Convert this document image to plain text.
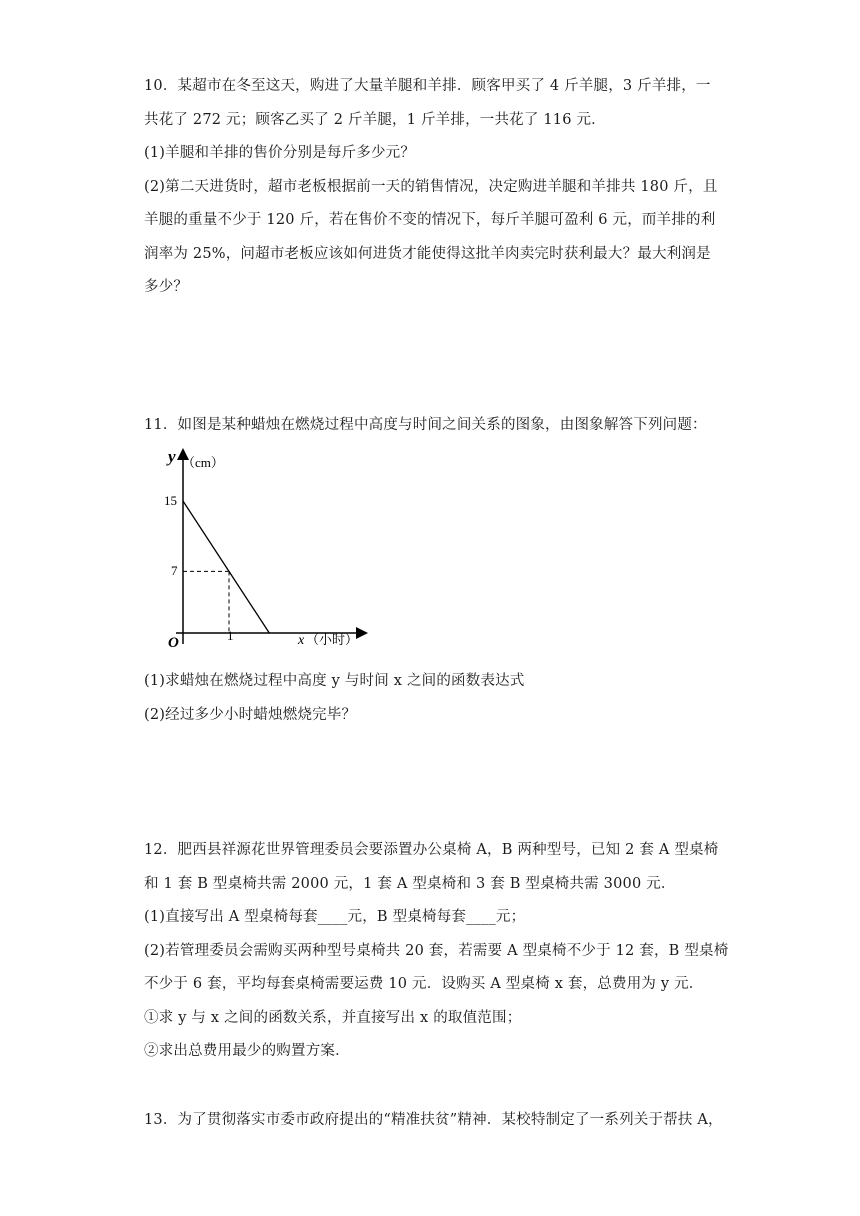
10．某超市在冬至这天，购进了大量羊腿和羊排．顾客甲买了 4 斤羊腿，3 斤羊排，一
共花了 272 元；顾客乙买了 2 斤羊腿，1 斤羊排，一共花了 116 元．
(1)羊腿和羊排的售价分别是每斤多少元？
(2)第二天进货时，超市老板根据前一天的销售情况，决定购进羊腿和羊排共 180 斤，且
羊腿的重量不少于 120 斤，若在售价不变的情况下，每斤羊腿可盈利 6 元，而羊排的利
润率为 25%，问超市老板应该如何进货才能使得这批羊肉卖完时获利最大？最大利润是
多少？
11．如图是某种蜡烛在燃烧过程中高度与时间之间关系的图象，由图象解答下列问题：
y （cm）
x （小时）
O
15
7
1
(1)求蜡烛在燃烧过程中高度 y 与时间 x 之间的函数表达式
(2)经过多少小时蜡烛燃烧完毕？
12．肥西县祥源花世界管理委员会要添置办公桌椅 A，B 两种型号，已知 2 套 A 型桌椅
和 1 套 B 型桌椅共需 2000 元，1 套 A 型桌椅和 3 套 B 型桌椅共需 3000 元．
(1)直接写出 A 型桌椅每套____元，B 型桌椅每套____元；
(2)若管理委员会需购买两种型号桌椅共 20 套，若需要 A 型桌椅不少于 12 套，B 型桌椅
不少于 6 套，平均每套桌椅需要运费 10 元．设购买 A 型桌椅 x 套，总费用为 y 元．
①求 y 与 x 之间的函数关系，并直接写出 x 的取值范围；
②求出总费用最少的购置方案．
13．为了贯彻落实市委市政府提出的“精准扶贫”精神．某校特制定了一系列关于帮扶 A，
